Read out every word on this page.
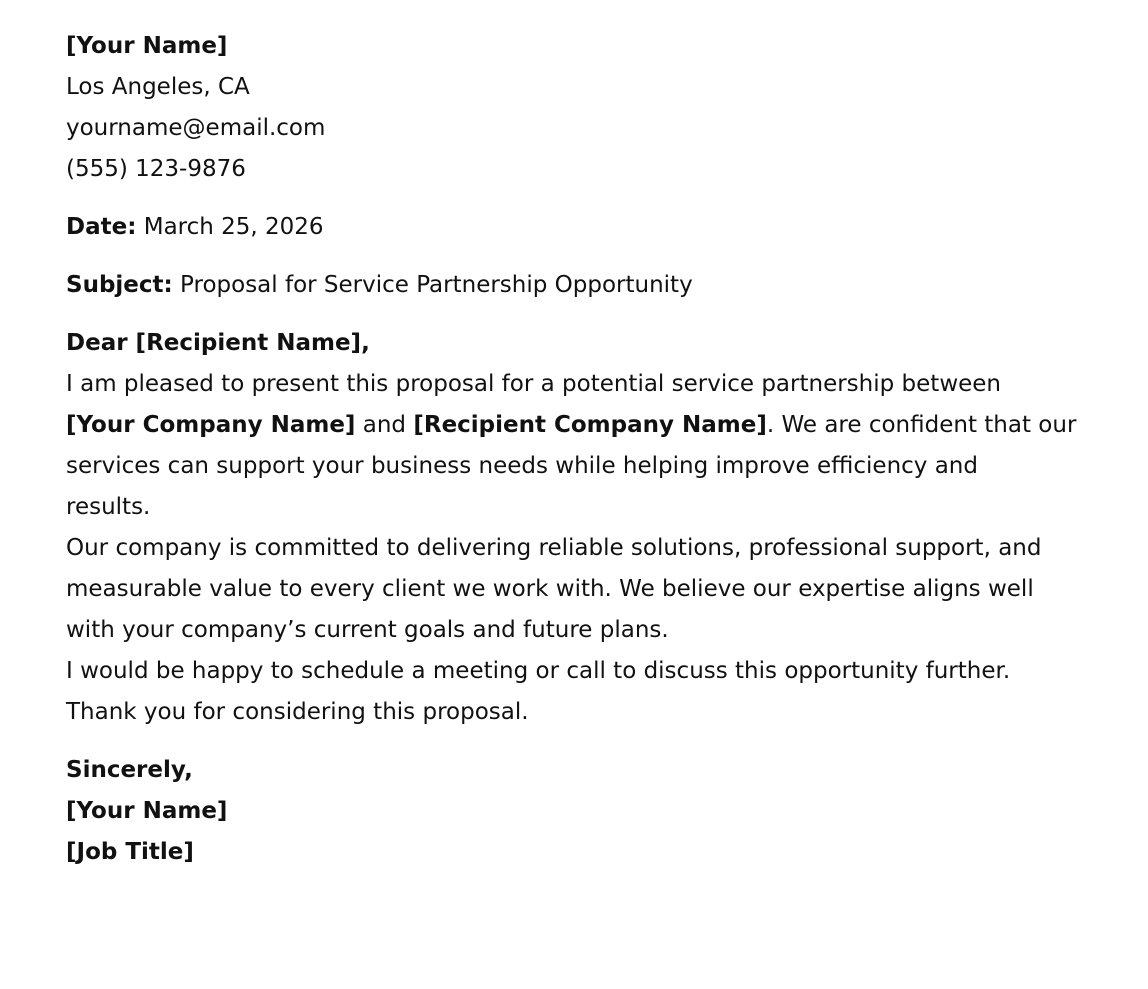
[Your Name]
Los Angeles, CA
yourname@email.com
(555) 123-9876
Date: March 25, 2026
Subject: Proposal for Service Partnership Opportunity
Dear [Recipient Name],

I am pleased to present this proposal for a potential service partnership between
[Your Company Name] and [Recipient Company Name]. We are confident that our
services can support your business needs while helping improve efficiency and
results.

Our company is committed to delivering reliable solutions, professional support, and
measurable value to every client we work with. We believe our expertise aligns well
with your company’s current goals and future plans.

I would be happy to schedule a meeting or call to discuss this opportunity further.
Thank you for considering this proposal.

Sincerely,
[Your Name]
[Job Title]
